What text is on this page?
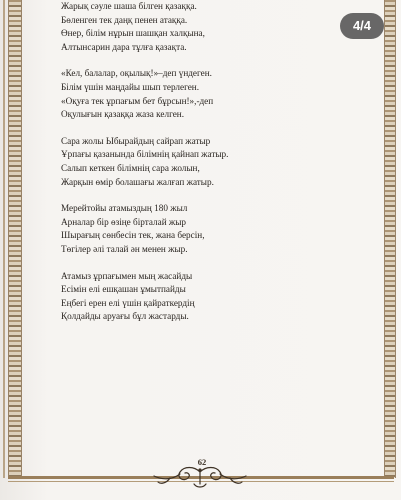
Жарық сәуле шаша білген қазаққа.

Бөленген тек даңқ пенен атаққа.

Өнер, білім нұрын шашқан халқына,

Алтынсарин дара тұлға қазақта.

«Кел, балалар, оқылық!»–деп үндеген.

Білім үшін маңдайы шып терлеген.

«Оқуға тек ұрпағым бет бұрсын!»,-деп

Оқулығын қазаққа жаза келген.

Сара жолы Ыбырайдың сайрап жатыр

Ұрпағы қазанында білімнің қайнап жатыр.

Салып кеткен білімнің сара жолын,

Жарқын өмір болашағы жалғап жатыр.

Мерейтойы атамыздың 180 жыл

Арналар бір өзіңе бірталай жыр

Шырағың сөнбесін тек, жана берсін,

Төгілер әлі талай ән менен жыр.

Атамыз ұрпағымен мың жасайды

Есімін елі ешқашан ұмытпайды

Еңбегі ерен елі үшін қайраткердің

Қолдайды аруағы бұл жастарды.

4/4
62
